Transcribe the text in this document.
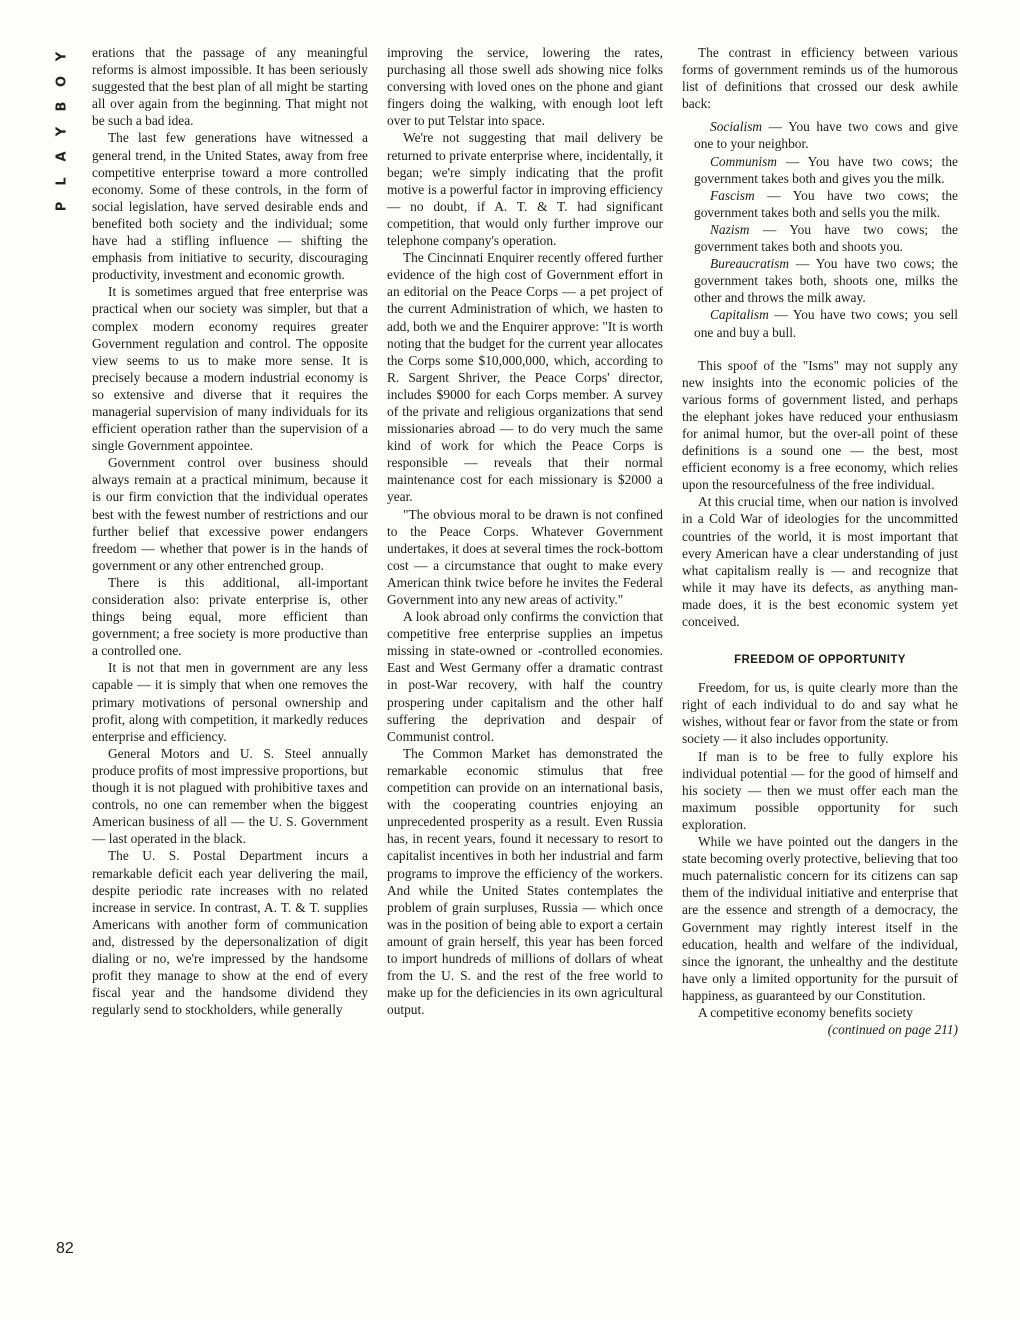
Y
O
B
Y
A
L
P

erations that the passage of any meaningful reforms is almost impossible. It has been seriously suggested that the best plan of all might be starting all over again from the beginning. That might not be such a bad idea.

The last few generations have witnessed a general trend, in the United States, away from free competitive enterprise toward a more controlled economy. Some of these controls, in the form of social legislation, have served desirable ends and benefited both society and the individual; some have had a stifling influence — shifting the emphasis from initiative to security, discouraging productivity, investment and economic growth.

It is sometimes argued that free enterprise was practical when our society was simpler, but that a complex modern economy requires greater Government regulation and control. The opposite view seems to us to make more sense. It is precisely because a modern industrial economy is so extensive and diverse that it requires the managerial supervision of many individuals for its efficient operation rather than the supervision of a single Government appointee.

Government control over business should always remain at a practical minimum, because it is our firm conviction that the individual operates best with the fewest number of restrictions and our further belief that excessive power endangers freedom — whether that power is in the hands of government or any other entrenched group.

There is this additional, all-important consideration also: private enterprise is, other things being equal, more efficient than government; a free society is more productive than a controlled one.

It is not that men in government are any less capable — it is simply that when one removes the primary motivations of personal ownership and profit, along with competition, it markedly reduces enterprise and efficiency.

General Motors and U. S. Steel annually produce profits of most impressive proportions, but though it is not plagued with prohibitive taxes and controls, no one can remember when the biggest American business of all — the U. S. Government — last operated in the black.

The U. S. Postal Department incurs a remarkable deficit each year delivering the mail, despite periodic rate increases with no related increase in service. In contrast, A. T. & T. supplies Americans with another form of communication and, distressed by the depersonalization of digit dialing or no, we're impressed by the handsome profit they manage to show at the end of every fiscal year and the handsome dividend they regularly send to stockholders, while generally

improving the service, lowering the rates, purchasing all those swell ads showing nice folks conversing with loved ones on the phone and giant fingers doing the walking, with enough loot left over to put Telstar into space.

We're not suggesting that mail delivery be returned to private enterprise where, incidentally, it began; we're simply indicating that the profit motive is a powerful factor in improving efficiency — no doubt, if A. T. & T. had significant competition, that would only further improve our telephone company's operation.

The Cincinnati Enquirer recently offered further evidence of the high cost of Government effort in an editorial on the Peace Corps — a pet project of the current Administration of which, we hasten to add, both we and the Enquirer approve: "It is worth noting that the budget for the current year allocates the Corps some $10,000,000, which, according to R. Sargent Shriver, the Peace Corps' director, includes $9000 for each Corps member. A survey of the private and religious organizations that send missionaries abroad — to do very much the same kind of work for which the Peace Corps is responsible — reveals that their normal maintenance cost for each missionary is $2000 a year.

"The obvious moral to be drawn is not confined to the Peace Corps. Whatever Government undertakes, it does at several times the rock-bottom cost — a circumstance that ought to make every American think twice before he invites the Federal Government into any new areas of activity."

A look abroad only confirms the conviction that competitive free enterprise supplies an impetus missing in state-owned or -controlled economies. East and West Germany offer a dramatic contrast in post-War recovery, with half the country prospering under capitalism and the other half suffering the deprivation and despair of Communist control.

The Common Market has demonstrated the remarkable economic stimulus that free competition can provide on an international basis, with the cooperating countries enjoying an unprecedented prosperity as a result. Even Russia has, in recent years, found it necessary to resort to capitalist incentives in both her industrial and farm programs to improve the efficiency of the workers. And while the United States contemplates the problem of grain surpluses, Russia — which once was in the position of being able to export a certain amount of grain herself, this year has been forced to import hundreds of millions of dollars of wheat from the U. S. and the rest of the free world to make up for the deficiencies in its own agricultural output.

The contrast in efficiency between various forms of government reminds us of the humorous list of definitions that crossed our desk awhile back:

Socialism — You have two cows and give one to your neighbor.

Communism — You have two cows; the government takes both and gives you the milk.

Fascism — You have two cows; the government takes both and sells you the milk.

Nazism — You have two cows; the government takes both and shoots you.

Bureaucratism — You have two cows; the government takes both, shoots one, milks the other and throws the milk away.

Capitalism — You have two cows; you sell one and buy a bull.

This spoof of the "Isms" may not supply any new insights into the economic policies of the various forms of government listed, and perhaps the elephant jokes have reduced your enthusiasm for animal humor, but the over-all point of these definitions is a sound one — the best, most efficient economy is a free economy, which relies upon the resourcefulness of the free individual.

At this crucial time, when our nation is involved in a Cold War of ideologies for the uncommitted countries of the world, it is most important that every American have a clear understanding of just what capitalism really is — and recognize that while it may have its defects, as anything man-made does, it is the best economic system yet conceived.

FREEDOM OF OPPORTUNITY

Freedom, for us, is quite clearly more than the right of each individual to do and say what he wishes, without fear or favor from the state or from society — it also includes opportunity.

If man is to be free to fully explore his individual potential — for the good of himself and his society — then we must offer each man the maximum possible opportunity for such exploration.

While we have pointed out the dangers in the state becoming overly protective, believing that too much paternalistic concern for its citizens can sap them of the individual initiative and enterprise that are the essence and strength of a democracy, the Government may rightly interest itself in the education, health and welfare of the individual, since the ignorant, the unhealthy and the destitute have only a limited opportunity for the pursuit of happiness, as guaranteed by our Constitution.

A competitive economy benefits society

(continued on page 211)

82
